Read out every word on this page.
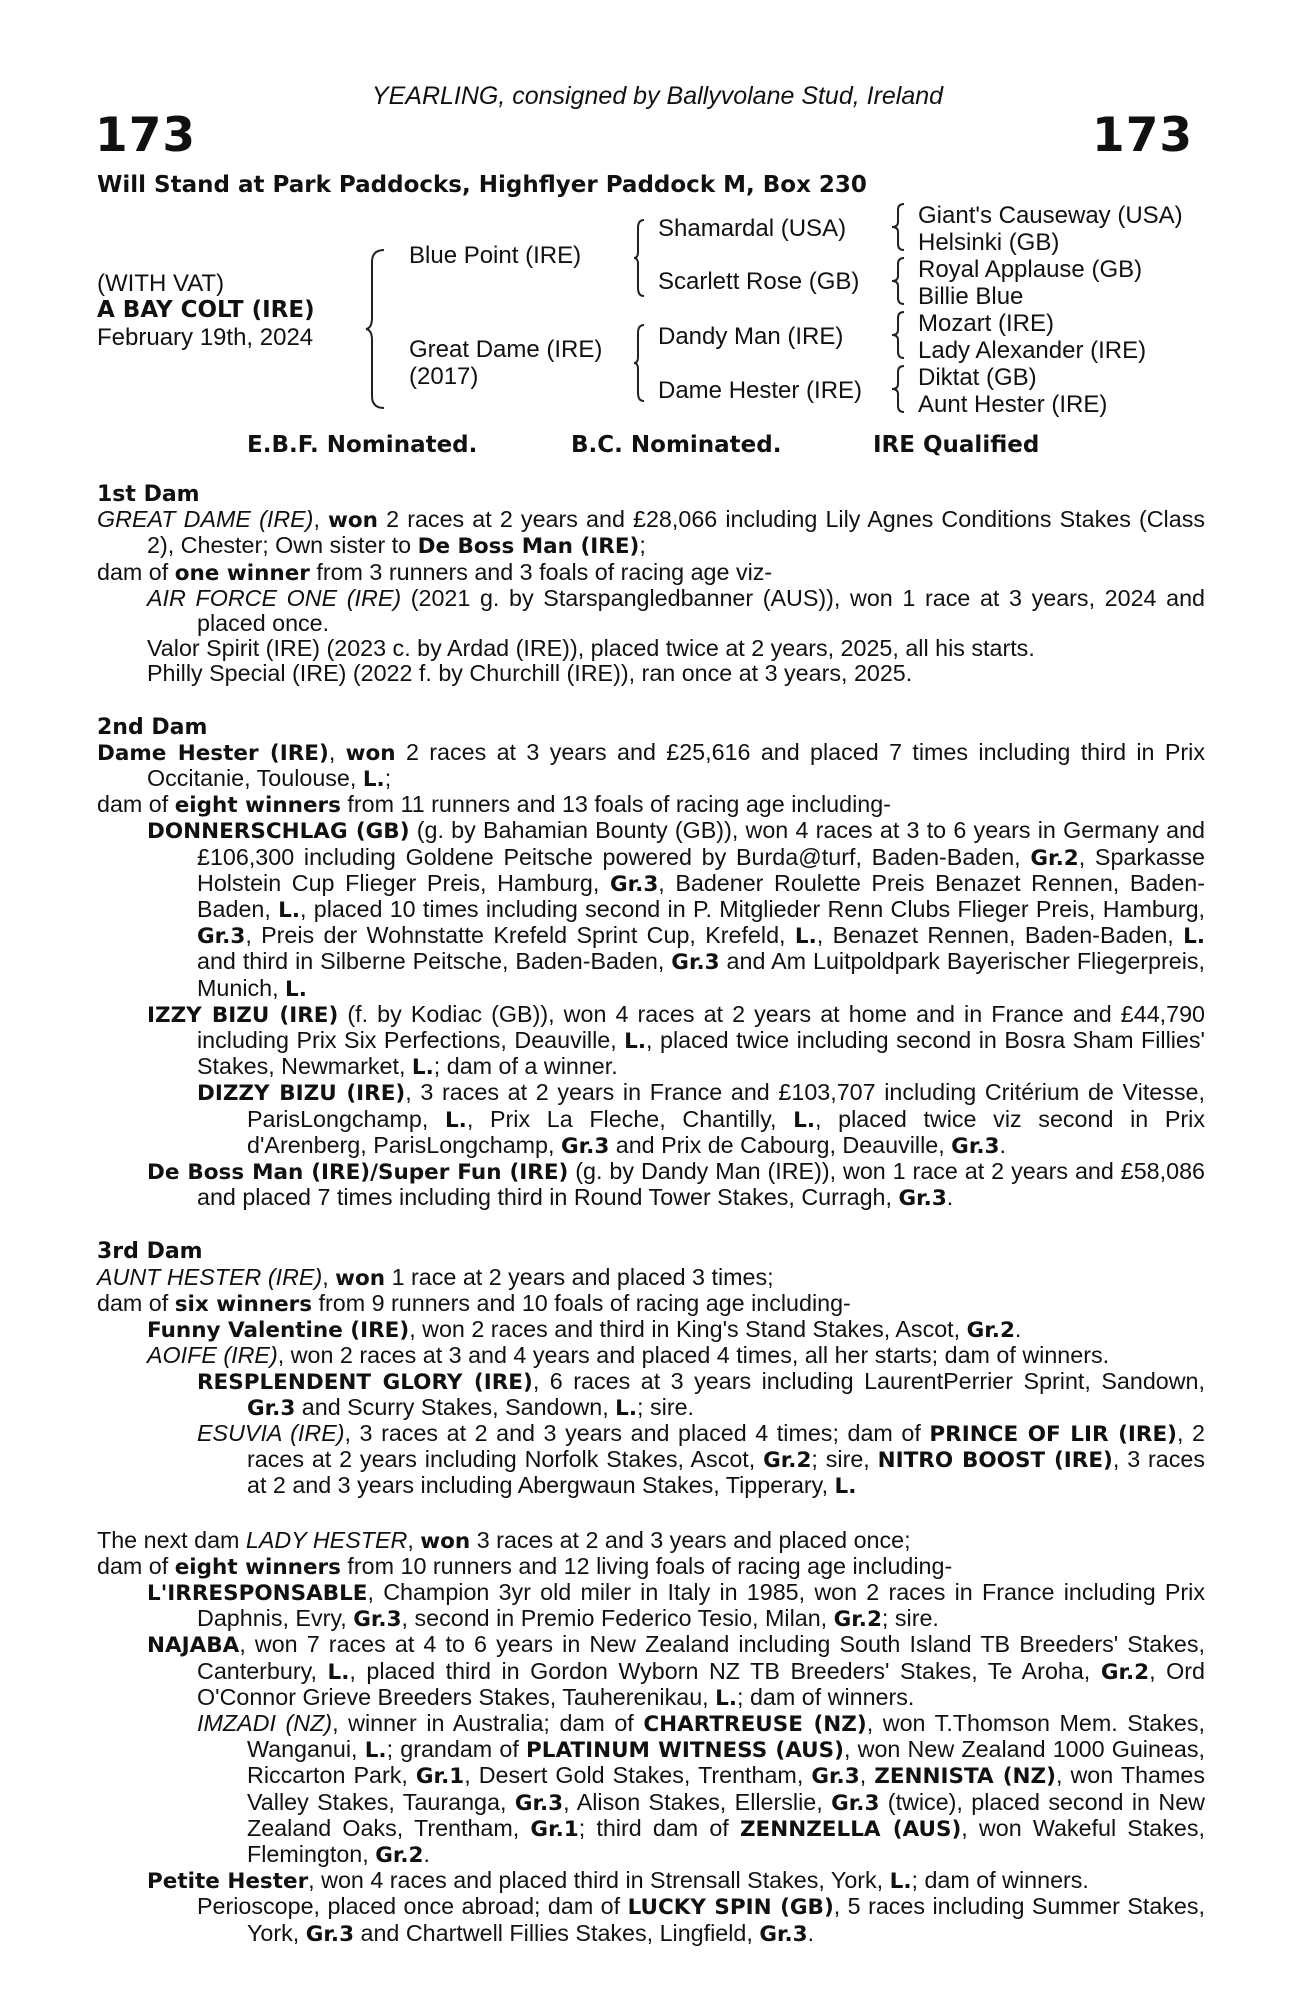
YEARLING, consigned by Ballyvolane Stud, Ireland
173	173
Will Stand at Park Paddocks, Highflyer Paddock M, Box 230
(WITH VAT)
A BAY COLT (IRE)
February 19th, 2024
Blue Point (IRE)
Great Dame (IRE)
(2017)
Shamardal (USA)
Scarlett Rose (GB)
Dandy Man (IRE)
Dame Hester (IRE)
Giant's Causeway (USA)
Helsinki (GB)
Royal Applause (GB)
Billie Blue
Mozart (IRE)
Lady Alexander (IRE)
Diktat (GB)
Aunt Hester (IRE)
E.B.F. Nominated.	B.C. Nominated.	IRE Qualified
1st Dam

GREAT DAME (IRE), won 2 races at 2 years and £28,066 including Lily Agnes Conditions Stakes (Class 2), Chester; Own sister to De Boss Man (IRE);

dam of one winner from 3 runners and 3 foals of racing age viz-

AIR FORCE ONE (IRE) (2021 g. by Starspangledbanner (AUS)), won 1 race at 3 years, 2024 and placed once.

Valor Spirit (IRE) (2023 c. by Ardad (IRE)), placed twice at 2 years, 2025, all his starts.

Philly Special (IRE) (2022 f. by Churchill (IRE)), ran once at 3 years, 2025.

2nd Dam

Dame Hester (IRE), won 2 races at 3 years and £25,616 and placed 7 times including third in Prix Occitanie, Toulouse, L.;

dam of eight winners from 11 runners and 13 foals of racing age including-

DONNERSCHLAG (GB) (g. by Bahamian Bounty (GB)), won 4 races at 3 to 6 years in Germany and £106,300 including Goldene Peitsche powered by Burda@turf, Baden-Baden, Gr.2, Sparkasse Holstein Cup Flieger Preis, Hamburg, Gr.3, Badener Roulette Preis Benazet Rennen, Baden-Baden, L., placed 10 times including second in P. Mitglieder Renn Clubs Flieger Preis, Hamburg, Gr.3, Preis der Wohnstatte Krefeld Sprint Cup, Krefeld, L., Benazet Rennen, Baden-Baden, L. and third in Silberne Peitsche, Baden-Baden, Gr.3 and Am Luitpoldpark Bayerischer Fliegerpreis, Munich, L.

IZZY BIZU (IRE) (f. by Kodiac (GB)), won 4 races at 2 years at home and in France and £44,790 including Prix Six Perfections, Deauville, L., placed twice including second in Bosra Sham Fillies' Stakes, Newmarket, L.; dam of a winner.

DIZZY BIZU (IRE), 3 races at 2 years in France and £103,707 including Critérium de Vitesse, ParisLongchamp, L., Prix La Fleche, Chantilly, L., placed twice viz second in Prix d'Arenberg, ParisLongchamp, Gr.3 and Prix de Cabourg, Deauville, Gr.3.

De Boss Man (IRE)/Super Fun (IRE) (g. by Dandy Man (IRE)), won 1 race at 2 years and £58,086 and placed 7 times including third in Round Tower Stakes, Curragh, Gr.3.

3rd Dam

AUNT HESTER (IRE), won 1 race at 2 years and placed 3 times;

dam of six winners from 9 runners and 10 foals of racing age including-

Funny Valentine (IRE), won 2 races and third in King's Stand Stakes, Ascot, Gr.2.

AOIFE (IRE), won 2 races at 3 and 4 years and placed 4 times, all her starts; dam of winners.

RESPLENDENT GLORY (IRE), 6 races at 3 years including LaurentPerrier Sprint, Sandown, Gr.3 and Scurry Stakes, Sandown, L.; sire.

ESUVIA (IRE), 3 races at 2 and 3 years and placed 4 times; dam of PRINCE OF LIR (IRE), 2 races at 2 years including Norfolk Stakes, Ascot, Gr.2; sire, NITRO BOOST (IRE), 3 races at 2 and 3 years including Abergwaun Stakes, Tipperary, L.

The next dam LADY HESTER, won 3 races at 2 and 3 years and placed once;

dam of eight winners from 10 runners and 12 living foals of racing age including-

L'IRRESPONSABLE, Champion 3yr old miler in Italy in 1985, won 2 races in France including Prix Daphnis, Evry, Gr.3, second in Premio Federico Tesio, Milan, Gr.2; sire.

NAJABA, won 7 races at 4 to 6 years in New Zealand including South Island TB Breeders' Stakes, Canterbury, L., placed third in Gordon Wyborn NZ TB Breeders' Stakes, Te Aroha, Gr.2, Ord O'Connor Grieve Breeders Stakes, Tauherenikau, L.; dam of winners.

IMZADI (NZ), winner in Australia; dam of CHARTREUSE (NZ), won T.Thomson Mem. Stakes, Wanganui, L.; grandam of PLATINUM WITNESS (AUS), won New Zealand 1000 Guineas, Riccarton Park, Gr.1, Desert Gold Stakes, Trentham, Gr.3, ZENNISTA (NZ), won Thames Valley Stakes, Tauranga, Gr.3, Alison Stakes, Ellerslie, Gr.3 (twice), placed second in New Zealand Oaks, Trentham, Gr.1; third dam of ZENNZELLA (AUS), won Wakeful Stakes, Flemington, Gr.2.

Petite Hester, won 4 races and placed third in Strensall Stakes, York, L.; dam of winners.

Perioscope, placed once abroad; dam of LUCKY SPIN (GB), 5 races including Summer Stakes, York, Gr.3 and Chartwell Fillies Stakes, Lingfield, Gr.3.
